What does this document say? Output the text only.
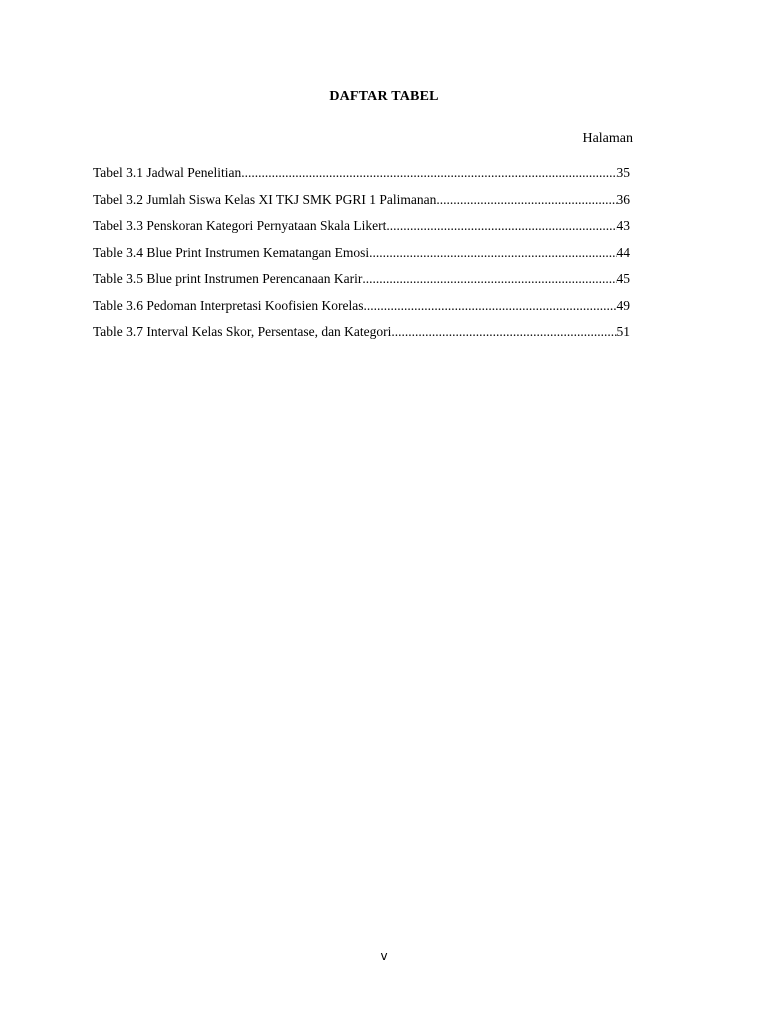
DAFTAR TABEL
Halaman
Tabel 3.1 Jadwal Penelitian .....	35
Tabel 3.2 Jumlah Siswa Kelas XI TKJ SMK PGRI 1 Palimanan .....	36
Tabel 3.3 Penskoran Kategori Pernyataan Skala Likert .....	43
Table 3.4 Blue Print Instrumen Kematangan Emosi .....	44
Table 3.5 Blue print Instrumen Perencanaan Karir .....	45
Table 3.6 Pedoman Interpretasi Koofisien Korelas .....	49
Table 3.7 Interval Kelas Skor, Persentase, dan Kategori .....	51
v
